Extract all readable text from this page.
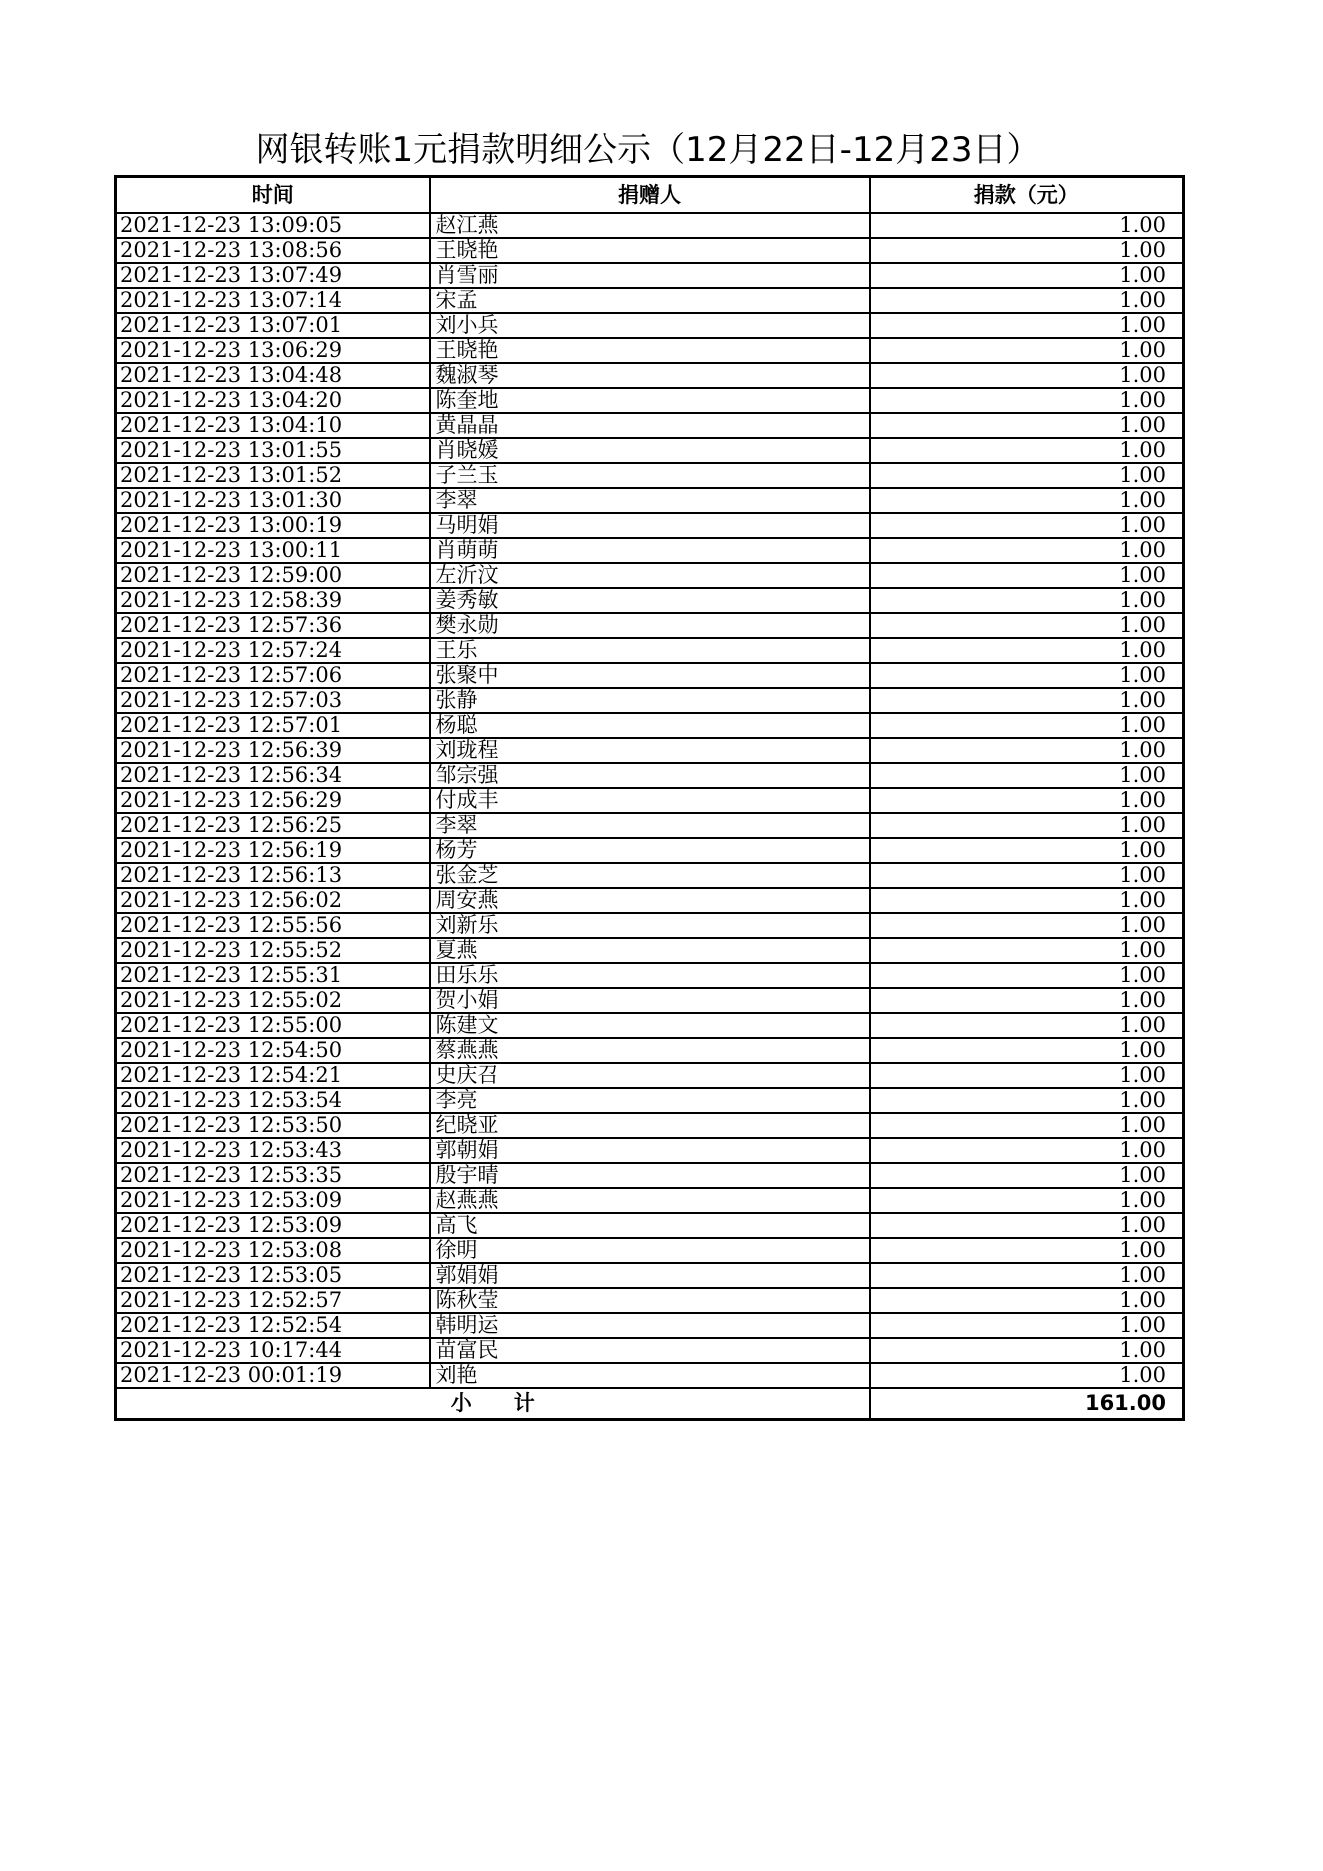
网银转账1元捐款明细公示（12月22日-12月23日）
时间	捐赠人	捐款（元）
2021-12-23 13:09:05	赵江燕	1.00
2021-12-23 13:08:56	王晓艳	1.00
2021-12-23 13:07:49	肖雪丽	1.00
2021-12-23 13:07:14	宋孟	1.00
2021-12-23 13:07:01	刘小兵	1.00
2021-12-23 13:06:29	王晓艳	1.00
2021-12-23 13:04:48	魏淑琴	1.00
2021-12-23 13:04:20	陈奎地	1.00
2021-12-23 13:04:10	黄晶晶	1.00
2021-12-23 13:01:55	肖晓媛	1.00
2021-12-23 13:01:52	子兰玉	1.00
2021-12-23 13:01:30	李翠	1.00
2021-12-23 13:00:19	马明娟	1.00
2021-12-23 13:00:11	肖萌萌	1.00
2021-12-23 12:59:00	左沂汶	1.00
2021-12-23 12:58:39	姜秀敏	1.00
2021-12-23 12:57:36	樊永勋	1.00
2021-12-23 12:57:24	王乐	1.00
2021-12-23 12:57:06	张聚中	1.00
2021-12-23 12:57:03	张静	1.00
2021-12-23 12:57:01	杨聪	1.00
2021-12-23 12:56:39	刘珑程	1.00
2021-12-23 12:56:34	邹宗强	1.00
2021-12-23 12:56:29	付成丰	1.00
2021-12-23 12:56:25	李翠	1.00
2021-12-23 12:56:19	杨芳	1.00
2021-12-23 12:56:13	张金芝	1.00
2021-12-23 12:56:02	周安燕	1.00
2021-12-23 12:55:56	刘新乐	1.00
2021-12-23 12:55:52	夏燕	1.00
2021-12-23 12:55:31	田乐乐	1.00
2021-12-23 12:55:02	贺小娟	1.00
2021-12-23 12:55:00	陈建文	1.00
2021-12-23 12:54:50	蔡燕燕	1.00
2021-12-23 12:54:21	史庆召	1.00
2021-12-23 12:53:54	李亮	1.00
2021-12-23 12:53:50	纪晓亚	1.00
2021-12-23 12:53:43	郭朝娟	1.00
2021-12-23 12:53:35	殷宇晴	1.00
2021-12-23 12:53:09	赵燕燕	1.00
2021-12-23 12:53:09	高飞	1.00
2021-12-23 12:53:08	徐明	1.00
2021-12-23 12:53:05	郭娟娟	1.00
2021-12-23 12:52:57	陈秋莹	1.00
2021-12-23 12:52:54	韩明运	1.00
2021-12-23 10:17:44	苗富民	1.00
2021-12-23 00:01:19	刘艳	1.00
小　　计		161.00
